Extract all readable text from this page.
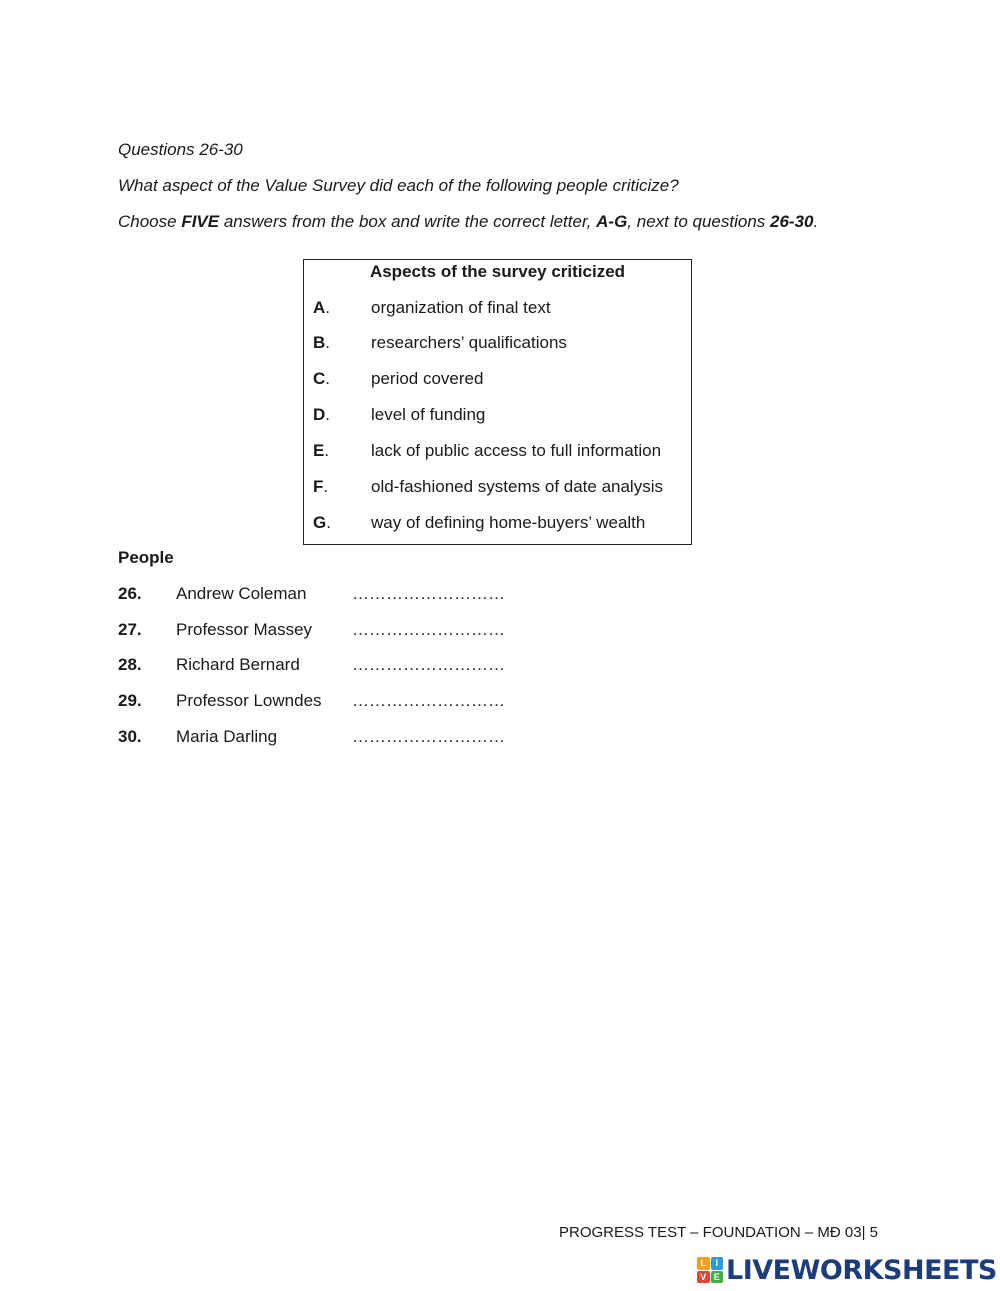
Questions 26-30
What aspect of the Value Survey did each of the following people criticize?
Choose FIVE answers from the box and write the correct letter, A-G, next to questions 26-30.
Aspects of the survey criticized
A. organization of final text
B. researchers’ qualifications
C. period covered
D. level of funding
E. lack of public access to full information
F.	old-fashioned systems of date analysis
G. way of defining home-buyers’ wealth
People
26. Andrew Coleman	………………………
27. Professor Massey ………………………
28. Richard Bernard	………………………
29. Professor Lowndes ………………………
30. Maria Darling	………………………
PROGRESS TEST – FOUNDATION – MĐ 03| 5
L	I
V E LIVEWORKSHEETS
